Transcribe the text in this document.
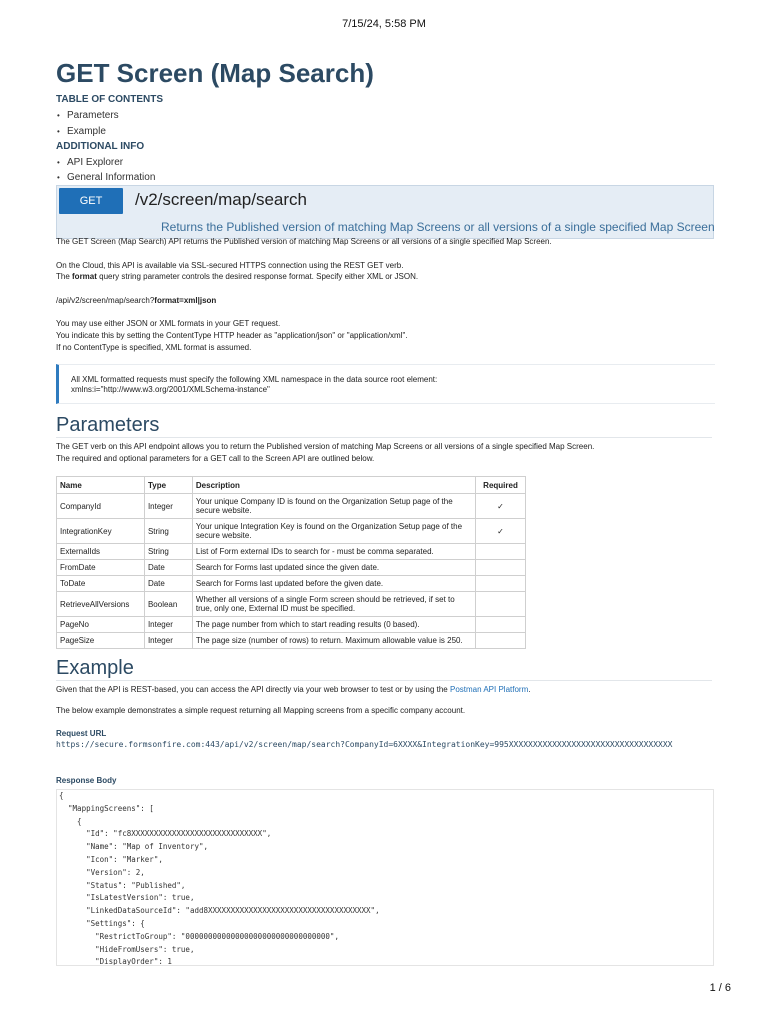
7/15/24, 5:58 PM
GET Screen (Map Search)
TABLE OF CONTENTS
• Parameters
• Example
ADDITIONAL INFO
• API Explorer
• General Information
GET	/v2/screen/map/search
Returns the Published version of matching Map Screens or all versions of a single specified Map Screen
The GET Screen (Map Search) API returns the Published version of matching Map Screens or all versions of a single specified Map Screen.
On the Cloud, this API is available via SSL-secured HTTPS connection using the REST GET verb.
The format query string parameter controls the desired response format. Specify either XML or JSON.
/api/v2/screen/map/search?format=xml|json
You may use either JSON or XML formats in your GET request.
You indicate this by setting the ContentType HTTP header as "application/json" or "application/xml".
If no ContentType is specified, XML format is assumed.
All XML formatted requests must specify the following XML namespace in the data source root element:
xmlns:i="http://www.w3.org/2001/XMLSchema-instance"
Parameters
The GET verb on this API endpoint allows you to return the Published version of matching Map Screens or all versions of a single specified Map Screen.
The required and optional parameters for a GET call to the Screen API are outlined below.
Name	Type	Description	Required
CompanyId	Integer	Your unique Company ID is found on the Organization Setup page of the secure website.	✓
IntegrationKey	String	Your unique Integration Key is found on the Organization Setup page of the secure website.	✓
ExternalIds	String	List of Form external IDs to search for - must be comma separated.	
FromDate	Date	Search for Forms last updated since the given date.	
ToDate	Date	Search for Forms last updated before the given date.	
RetrieveAllVersions	Boolean	Whether all versions of a single Form screen should be retrieved, if set to true, only one, External ID must be specified.	
PageNo	Integer	The page number from which to start reading results (0 based).	
PageSize	Integer	The page size (number of rows) to return. Maximum allowable value is 250.	
Example
Given that the API is REST-based, you can access the API directly via your web browser to test or by using the Postman API Platform.
The below example demonstrates a simple request returning all Mapping screens from a specific company account.
Request URL
https://secure.formsonfire.com:443/api/v2/screen/map/search?CompanyId=6XXXX&IntegrationKey=995XXXXXXXXXXXXXXXXXXXXXXXXXXXXXXXXXX
Response Body
{
"MappingScreens": [
{
"Id": "fc8XXXXXXXXXXXXXXXXXXXXXXXXXXXXX",
"Name": "Map of Inventory",
"Icon": "Marker",
"Version": 2,
"Status": "Published",
"IsLatestVersion": true,
"LinkedDataSourceId": "add8XXXXXXXXXXXXXXXXXXXXXXXXXXXXXXXXXXXX",
"Settings": {
"RestrictToGroup": "00000000000000000000000000000000",
"HideFromUsers": true,
"DisplayOrder": 1
1 / 6
